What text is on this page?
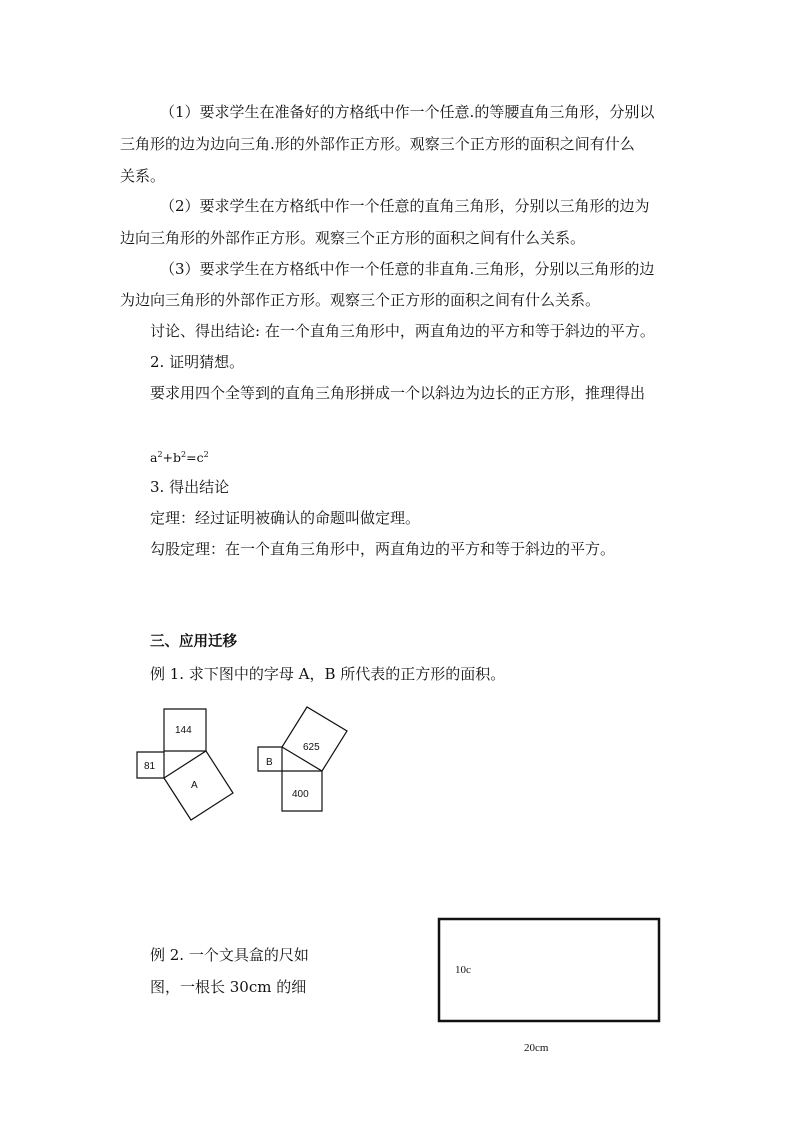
（1）要求学生在准备好的方格纸中作一个任意.的等腰直角三角形，分别以
三角形的边为边向三角.形的外部作正方形。观察三个正方形的面积之间有什么
关系。
（2）要求学生在方格纸中作一个任意的直角三角形，分别以三角形的边为
边向三角形的外部作正方形。观察三个正方形的面积之间有什么关系。
（3）要求学生在方格纸中作一个任意的非直角.三角形，分别以三角形的边
为边向三角形的外部作正方形。观察三个正方形的面积之间有什么关系。
讨论、得出结论: 在一个直角三角形中，两直角边的平方和等于斜边的平方。
2. 证明猜想。
要求用四个全等到的直角三角形拼成一个以斜边为边长的正方形，推理得出
$a^2+b^2=c^2$
3. 得出结论
定理：经过证明被确认的命题叫做定理。
勾股定理：在一个直角三角形中，两直角边的平方和等于斜边的平方。
三、应用迁移
例 1. 求下图中的字母 A，B 所代表的正方形的面积。
144
81
A
625
B
400
例 2. 一个文具盒的尺如
图，一根长 30cm 的细
10c
20cm
